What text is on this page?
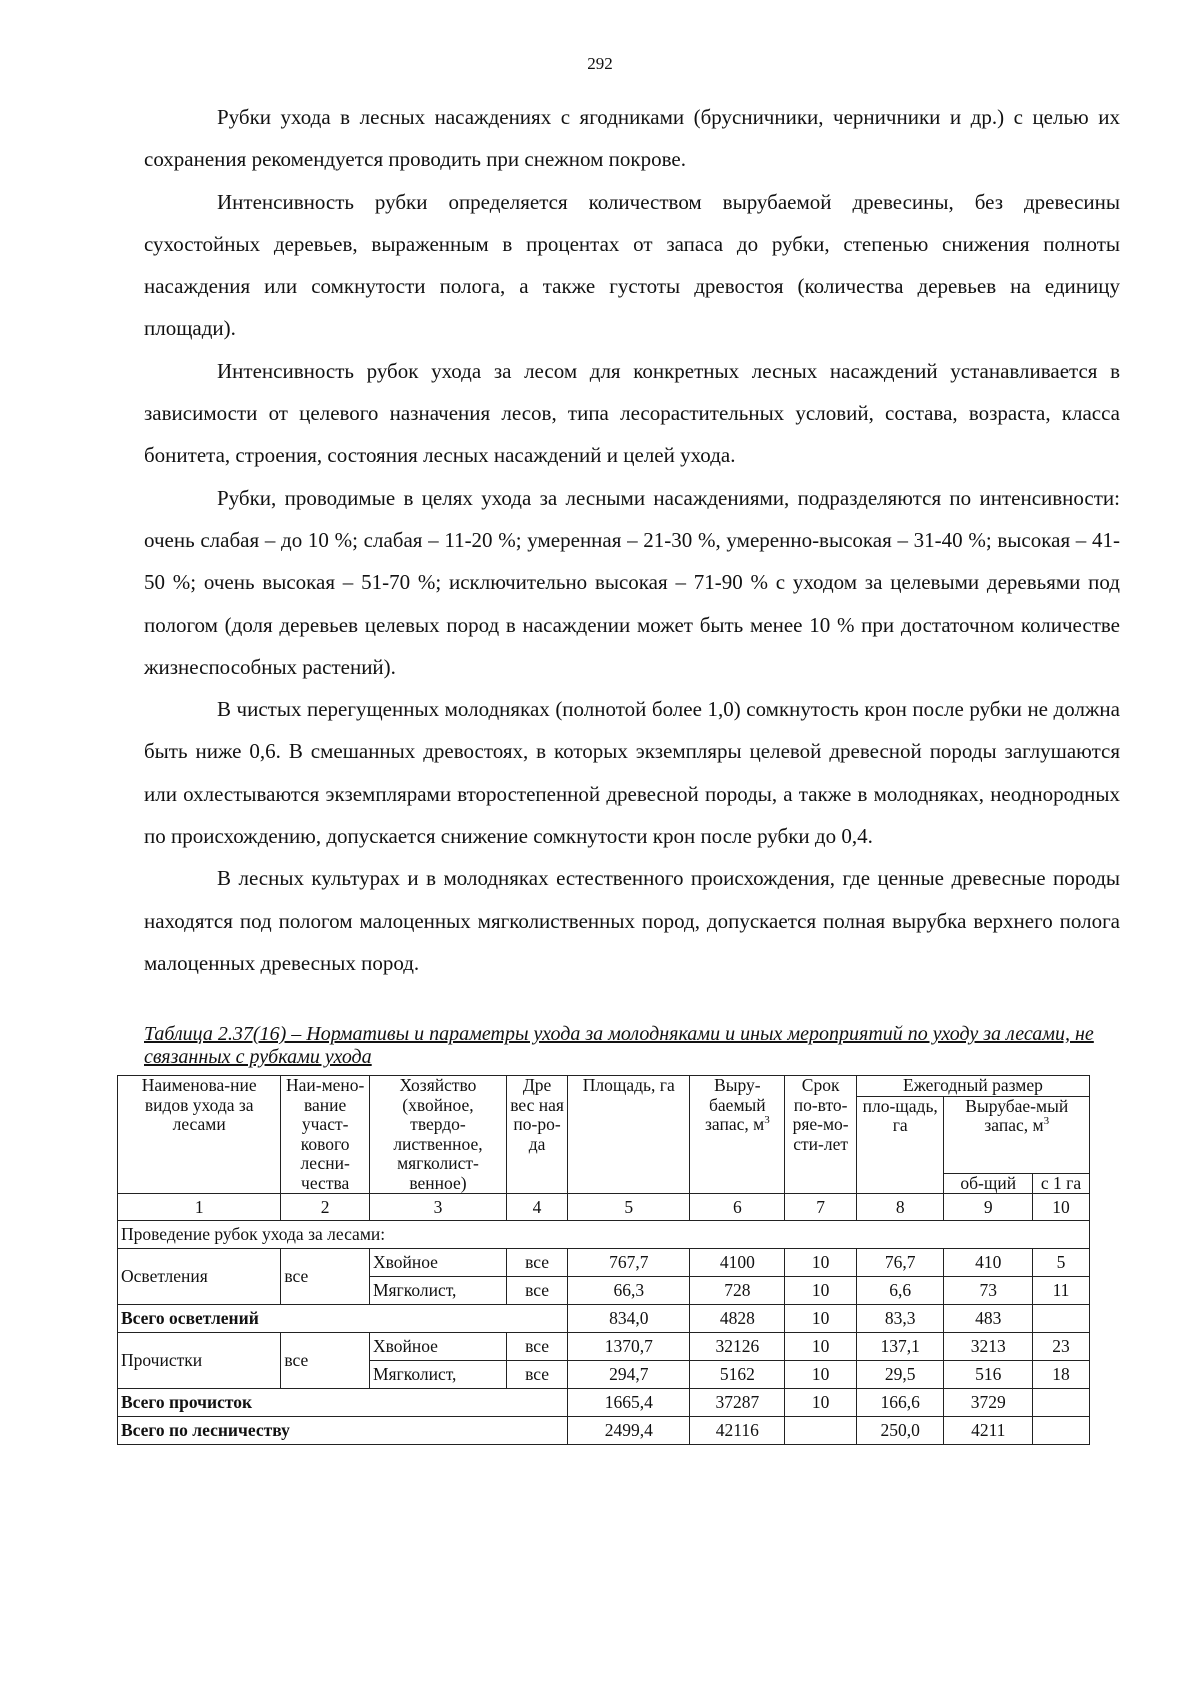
292

Рубки ухода в лесных насаждениях с ягодниками (брусничники, черничники и др.) с целью их сохранения рекомендуется проводить при снежном покрове.

Интенсивность рубки определяется количеством вырубаемой древесины, без древесины сухостойных деревьев, выраженным в процентах от запаса до рубки, степенью снижения полноты насаждения или сомкнутости полога, а также густоты древостоя (количества деревьев на единицу площади).

Интенсивность рубок ухода за лесом для конкретных лесных насаждений устанавливается в зависимости от целевого назначения лесов, типа лесорастительных условий, состава, возраста, класса бонитета, строения, состояния лесных насаждений и целей ухода.

Рубки, проводимые в целях ухода за лесными насаждениями, подразделяются по интенсивности: очень слабая – до 10 %; слабая – 11-20 %; умеренная – 21-30 %, умеренно-высокая – 31-40 %; высокая – 41-50 %; очень высокая – 51-70 %; исключительно высокая – 71-90 % с уходом за целевыми деревьями под пологом (доля деревьев целевых пород в насаждении может быть менее 10 % при достаточном количестве жизнеспособных растений).

В чистых перегущенных молодняках (полнотой более 1,0) сомкнутость крон после рубки не должна быть ниже 0,6. В смешанных древостоях, в которых экземпляры целевой древесной породы заглушаются или охлестываются экземплярами второстепенной древесной породы, а также в молодняках, неоднородных по происхождению, допускается снижение сомкнутости крон после рубки до 0,4.

В лесных культурах и в молодняках естественного происхождения, где ценные древесные породы находятся под пологом малоценных мягколиственных пород, допускается полная вырубка верхнего полога малоценных древесных пород.

Таблица 2.37(16) – Нормативы и параметры ухода за молодняками и иных мероприятий по уходу за лесами, не связанных с рубками ухода

Наименова-ние видов ухода за лесами	Наи-мено-вание участ-кового лесни-чества	Хозяйство (хвойное, твердо-лиственное, мягколист-венное)	Дре вес ная по-ро-да	Площадь, га	Выру-баемый запас, $м^3$	Срок по-вто-ряе-мо-сти-лет	Ежегодный размер		
							пло-щадь, га	Вырубае-мый запас, $м^3$
								об-щий	с 1 га
1	2	3	4	5	6	7	8	9	10
Проведение рубок ухода за лесами:									
Осветления	все	Хвойное	все	767,7	4100	10	76,7	410	5
		Мягколист,	все	66,3	728	10	6,6	73	11
Всего осветлений				834,0	4828	10	83,3	483	
Прочистки	все	Хвойное	все	1370,7	32126	10	137,1	3213	23
		Мягколист,	все	294,7	5162	10	29,5	516	18
Всего прочисток				1665,4	37287	10	166,6	3729	
Всего по лесничеству				2499,4	42116		250,0	4211	
